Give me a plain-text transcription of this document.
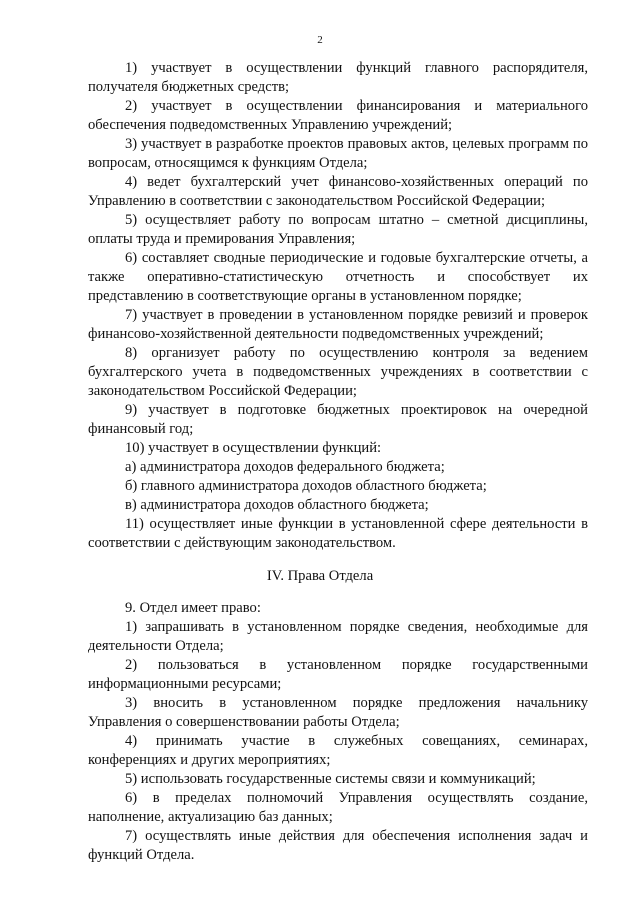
2

1) участвует в осуществлении функций главного распорядителя, получателя бюджетных средств;

2) участвует в осуществлении финансирования и материального обеспечения подведомственных Управлению учреждений;

3) участвует в разработке проектов правовых актов, целевых программ по вопросам, относящимся к функциям Отдела;

4) ведет бухгалтерский учет финансово-хозяйственных операций по Управлению в соответствии с законодательством Российской Федерации;

5) осуществляет работу по вопросам штатно – сметной дисциплины, оплаты труда и премирования Управления;

6) составляет сводные периодические и годовые бухгалтерские отчеты, а также оперативно-статистическую отчетность и способствует их представлению в соответствующие органы в установленном порядке;

7) участвует в проведении в установленном порядке ревизий и проверок финансово-хозяйственной деятельности подведомственных учреждений;

8) организует работу по осуществлению контроля за ведением бухгалтерского учета в подведомственных учреждениях в соответствии с законодательством Российской Федерации;

9) участвует в подготовке бюджетных проектировок на очередной финансовый год;

10) участвует в осуществлении функций:

а) администратора доходов федерального бюджета;

б) главного администратора доходов областного бюджета;

в) администратора доходов областного бюджета;

11) осуществляет иные функции в установленной сфере деятельности в соответствии с действующим законодательством.

IV. Права Отдела

9. Отдел имеет право:

1) запрашивать в установленном порядке сведения, необходимые для деятельности Отдела;

2) пользоваться в установленном порядке государственными информационными ресурсами;

3) вносить в установленном порядке предложения начальнику Управления о совершенствовании работы Отдела;

4) принимать участие в служебных совещаниях, семинарах, конференциях и других мероприятиях;

5) использовать государственные системы связи и коммуникаций;

6) в пределах полномочий Управления осуществлять создание, наполнение, актуализацию баз данных;

7) осуществлять иные действия для обеспечения исполнения задач и функций Отдела.
